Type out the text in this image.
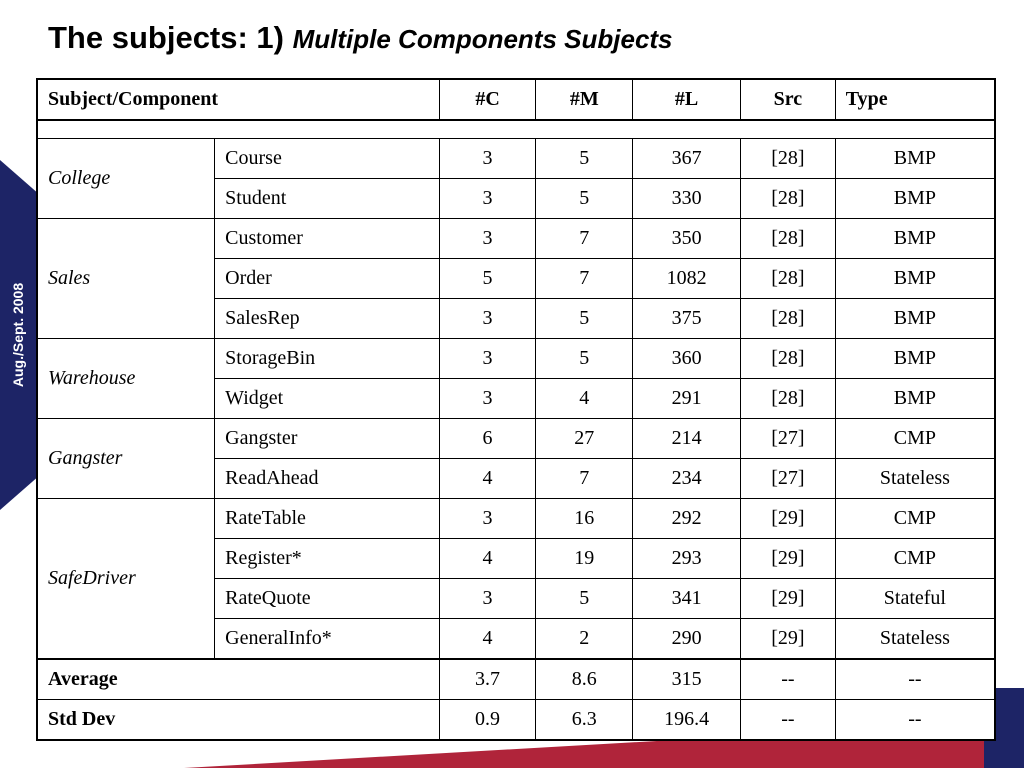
Aug./Sept. 2008
The subjects: 1) Multiple Components Subjects
Subject/Component		#C	#M	#L	Src	Type

College	Course	3	5	367	[28]	BMP
	Student	3	5	330	[28]	BMP
Sales	Customer	3	7	350	[28]	BMP
	Order	5	7	1082	[28]	BMP
	SalesRep	3	5	375	[28]	BMP
Warehouse	StorageBin	3	5	360	[28]	BMP
	Widget	3	4	291	[28]	BMP
Gangster	Gangster	6	27	214	[27]	CMP
	ReadAhead	4	7	234	[27]	Stateless
SafeDriver	RateTable	3	16	292	[29]	CMP
	Register*	4	19	293	[29]	CMP
	RateQuote	3	5	341	[29]	Stateful
	GeneralInfo*	4	2	290	[29]	Stateless
Average		3.7	8.6	315	--	--
Std Dev		0.9	6.3	196.4	--	--
